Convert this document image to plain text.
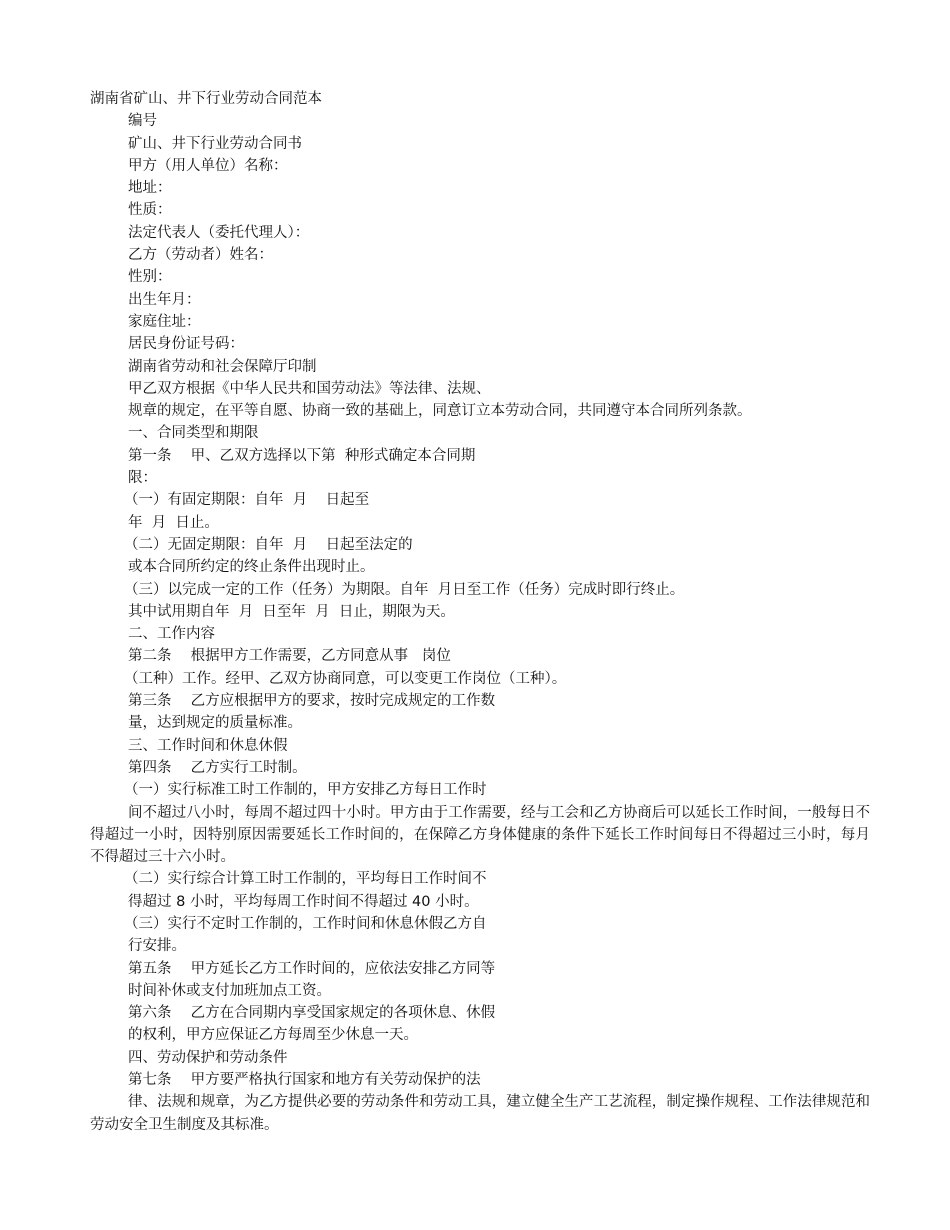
湖南省矿山、井下行业劳动合同范本
编号
矿山、井下行业劳动合同书
甲方（用人单位）名称：
地址：
性质：
法定代表人（委托代理人）：
乙方（劳动者）姓名：
性别：
出生年月：
家庭住址：
居民身份证号码：
湖南省劳动和社会保障厅印制
甲乙双方根据《中华人民共和国劳动法》等法律、法规、
规章的规定，在平等自愿、协商一致的基础上，同意订立本劳动合同，共同遵守本合同所列条款。
一、合同类型和期限
第一条　 甲、乙双方选择以下第  种形式确定本合同期
限：
（一）有固定期限：自年  月    日起至
年  月  日止。
（二）无固定期限：自年  月    日起至法定的
或本合同所约定的终止条件出现时止。
（三）以完成一定的工作（任务）为期限。自年  月日至工作（任务）完成时即行终止。
其中试用期自年  月  日至年  月  日止，期限为天。
二、工作内容
第二条　 根据甲方工作需要，乙方同意从事   岗位
（工种）工作。经甲、乙双方协商同意，可以变更工作岗位（工种）。
第三条　 乙方应根据甲方的要求，按时完成规定的工作数
量，达到规定的质量标准。
三、工作时间和休息休假
第四条　 乙方实行工时制。
（一）实行标准工时工作制的，甲方安排乙方每日工作时
间不超过八小时，每周不超过四十小时。甲方由于工作需要，经与工会和乙方协商后可以延长工作时间，一般每日不得超过一小时，因特别原因需要延长工作时间的，在保障乙方身体健康的条件下延长工作时间每日不得超过三小时，每月不得超过三十六小时。
（二）实行综合计算工时工作制的，平均每日工作时间不
得超过 8 小时，平均每周工作时间不得超过 40 小时。
（三）实行不定时工作制的，工作时间和休息休假乙方自
行安排。
第五条　 甲方延长乙方工作时间的，应依法安排乙方同等
时间补休或支付加班加点工资。
第六条　 乙方在合同期内享受国家规定的各项休息、休假
的权利，甲方应保证乙方每周至少休息一天。
四、劳动保护和劳动条件
第七条　 甲方要严格执行国家和地方有关劳动保护的法
律、法规和规章，为乙方提供必要的劳动条件和劳动工具，建立健全生产工艺流程，制定操作规程、工作法律规范和劳动安全卫生制度及其标准。
